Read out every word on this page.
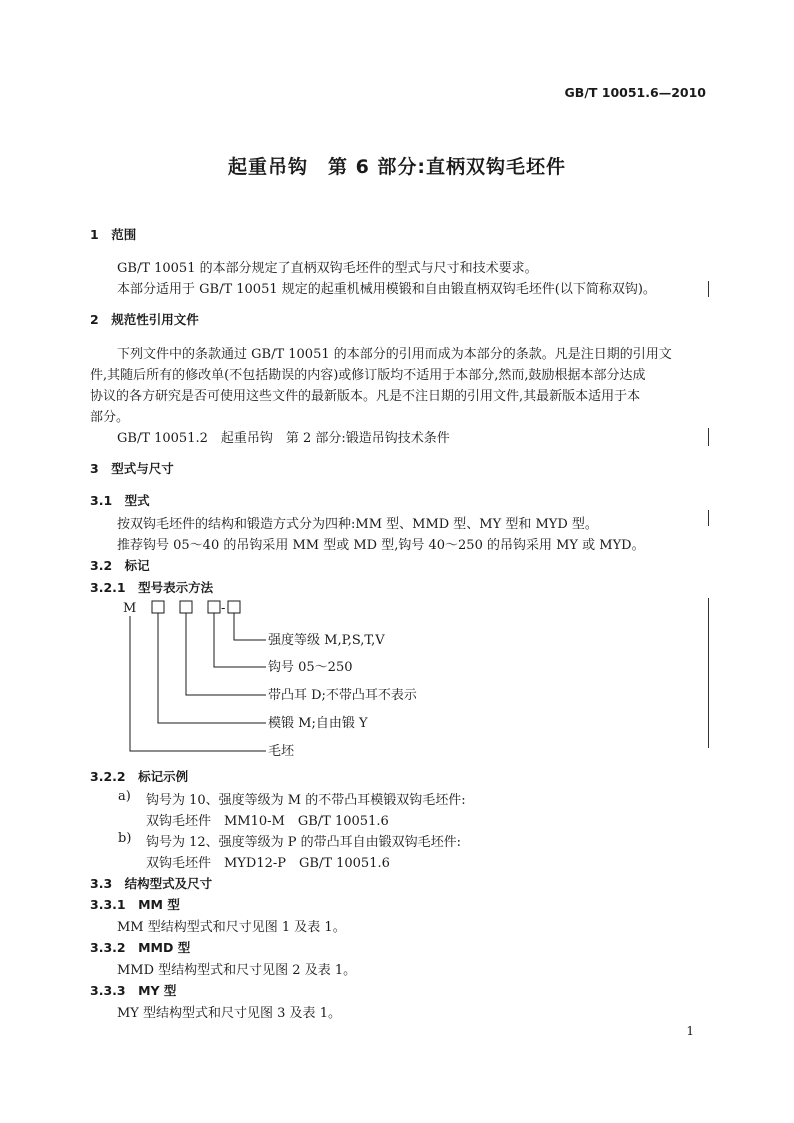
GB/T 10051.6—2010
起重吊钩　第 6 部分:直柄双钩毛坯件
1　范围
GB/T 10051 的本部分规定了直柄双钩毛坯件的型式与尺寸和技术要求。
本部分适用于 GB/T 10051 规定的起重机械用模锻和自由锻直柄双钩毛坯件(以下简称双钩)。
2　规范性引用文件
下列文件中的条款通过 GB/T 10051 的本部分的引用而成为本部分的条款。凡是注日期的引用文
件,其随后所有的修改单(不包括勘误的内容)或修订版均不适用于本部分,然而,鼓励根据本部分达成
协议的各方研究是否可使用这些文件的最新版本。凡是不注日期的引用文件,其最新版本适用于本
部分。
GB/T 10051.2　起重吊钩　第 2 部分:锻造吊钩技术条件
3　型式与尺寸
3.1　型式
按双钩毛坯件的结构和锻造方式分为四种:MM 型、MMD 型、MY 型和 MYD 型。
推荐钩号 05～40 的吊钩采用 MM 型或 MD 型,钩号 40～250 的吊钩采用 MY 或 MYD。
3.2　标记
3.2.1　型号表示方法
M	-
强度等级 M,P,S,T,V
钩号 05～250
带凸耳 D;不带凸耳不表示
模锻 M;自由锻 Y
毛坯
3.2.2　标记示例
a) 钩号为 10、强度等级为 M 的不带凸耳模锻双钩毛坯件:
双钩毛坯件　MM10-M　GB/T 10051.6
b) 钩号为 12、强度等级为 P 的带凸耳自由锻双钩毛坯件:
双钩毛坯件　MYD12-P　GB/T 10051.6
3.3　结构型式及尺寸
3.3.1　MM 型
MM 型结构型式和尺寸见图 1 及表 1。
3.3.2　MMD 型
MMD 型结构型式和尺寸见图 2 及表 1。
3.3.3　MY 型
MY 型结构型式和尺寸见图 3 及表 1。
1
